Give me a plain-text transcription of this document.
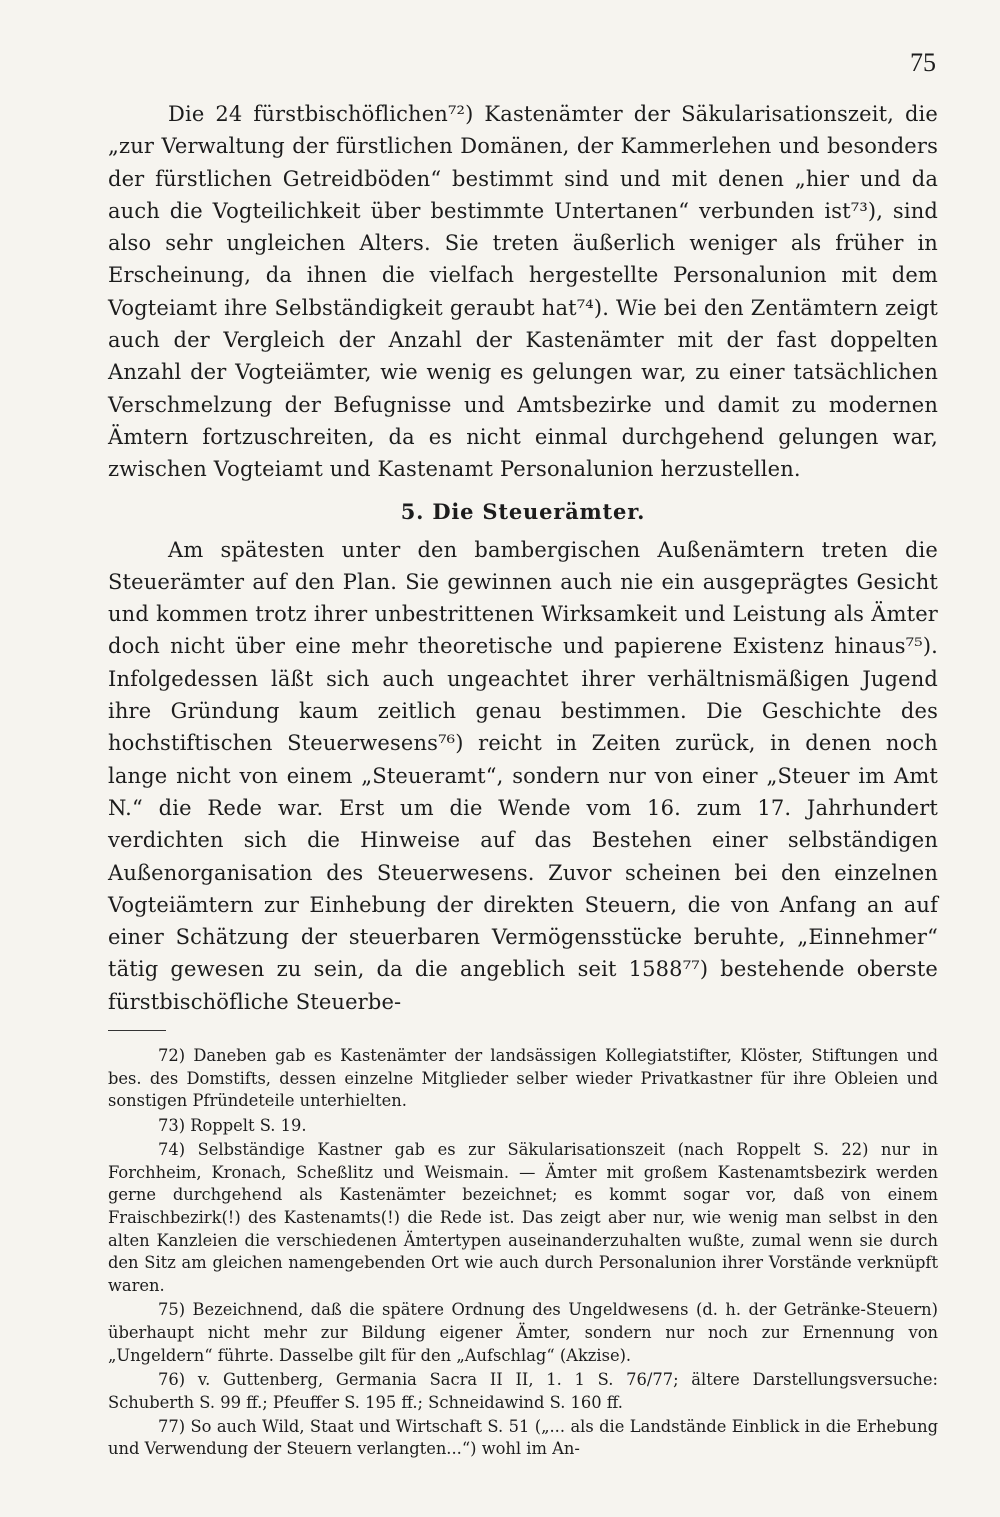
75

Die 24 fürstbischöflichen⁷²) Kastenämter der Säkularisationszeit, die „zur Verwaltung der fürstlichen Domänen, der Kammerlehen und besonders der fürstlichen Getreidböden“ bestimmt sind und mit denen „hier und da auch die Vogteilichkeit über bestimmte Untertanen“ verbunden ist⁷³), sind also sehr ungleichen Alters. Sie treten äußerlich weniger als früher in Erscheinung, da ihnen die vielfach hergestellte Personalunion mit dem Vogteiamt ihre Selbständigkeit geraubt hat⁷⁴). Wie bei den Zentämtern zeigt auch der Vergleich der Anzahl der Kastenämter mit der fast doppelten Anzahl der Vogteiämter, wie wenig es gelungen war, zu einer tatsächlichen Verschmelzung der Befugnisse und Amtsbezirke und damit zu modernen Ämtern fortzuschreiten, da es nicht einmal durchgehend gelungen war, zwischen Vogteiamt und Kastenamt Personalunion herzustellen.

5. Die Steuerämter.

Am spätesten unter den bambergischen Außenämtern treten die Steuerämter auf den Plan. Sie gewinnen auch nie ein ausgeprägtes Gesicht und kommen trotz ihrer unbestrittenen Wirksamkeit und Leistung als Ämter doch nicht über eine mehr theoretische und papierene Existenz hinaus⁷⁵). Infolgedessen läßt sich auch ungeachtet ihrer verhältnismäßigen Jugend ihre Gründung kaum zeitlich genau bestimmen. Die Geschichte des hochstiftischen Steuerwesens⁷⁶) reicht in Zeiten zurück, in denen noch lange nicht von einem „Steueramt“, sondern nur von einer „Steuer im Amt N.“ die Rede war. Erst um die Wende vom 16. zum 17. Jahrhundert verdichten sich die Hinweise auf das Bestehen einer selbständigen Außenorganisation des Steuerwesens. Zuvor scheinen bei den einzelnen Vogteiämtern zur Einhebung der direkten Steuern, die von Anfang an auf einer Schätzung der steuerbaren Vermögensstücke beruhte, „Einnehmer“ tätig gewesen zu sein, da die angeblich seit 1588⁷⁷) bestehende oberste fürstbischöfliche Steuerbe-

72) Daneben gab es Kastenämter der landsässigen Kollegiatstifter, Klöster, Stiftungen und bes. des Domstifts, dessen einzelne Mitglieder selber wieder Privatkastner für ihre Obleien und sonstigen Pfründeteile unterhielten.

73) Roppelt S. 19.

74) Selbständige Kastner gab es zur Säkularisationszeit (nach Roppelt S. 22) nur in Forchheim, Kronach, Scheßlitz und Weismain. — Ämter mit großem Kastenamtsbezirk werden gerne durchgehend als Kastenämter bezeichnet; es kommt sogar vor, daß von einem Fraischbezirk(!) des Kastenamts(!) die Rede ist. Das zeigt aber nur, wie wenig man selbst in den alten Kanzleien die verschiedenen Ämtertypen auseinanderzuhalten wußte, zumal wenn sie durch den Sitz am gleichen namengebenden Ort wie auch durch Personalunion ihrer Vorstände verknüpft waren.

75) Bezeichnend, daß die spätere Ordnung des Ungeldwesens (d. h. der Getränke-Steuern) überhaupt nicht mehr zur Bildung eigener Ämter, sondern nur noch zur Ernennung von „Ungeldern“ führte. Dasselbe gilt für den „Aufschlag“ (Akzise).

76) v. Guttenberg, Germania Sacra II II, 1. 1 S. 76/77; ältere Darstellungsversuche: Schuberth S. 99 ff.; Pfeuffer S. 195 ff.; Schneidawind S. 160 ff.

77) So auch Wild, Staat und Wirtschaft S. 51 („... als die Landstände Einblick in die Erhebung und Verwendung der Steuern verlangten...“) wohl im An-
